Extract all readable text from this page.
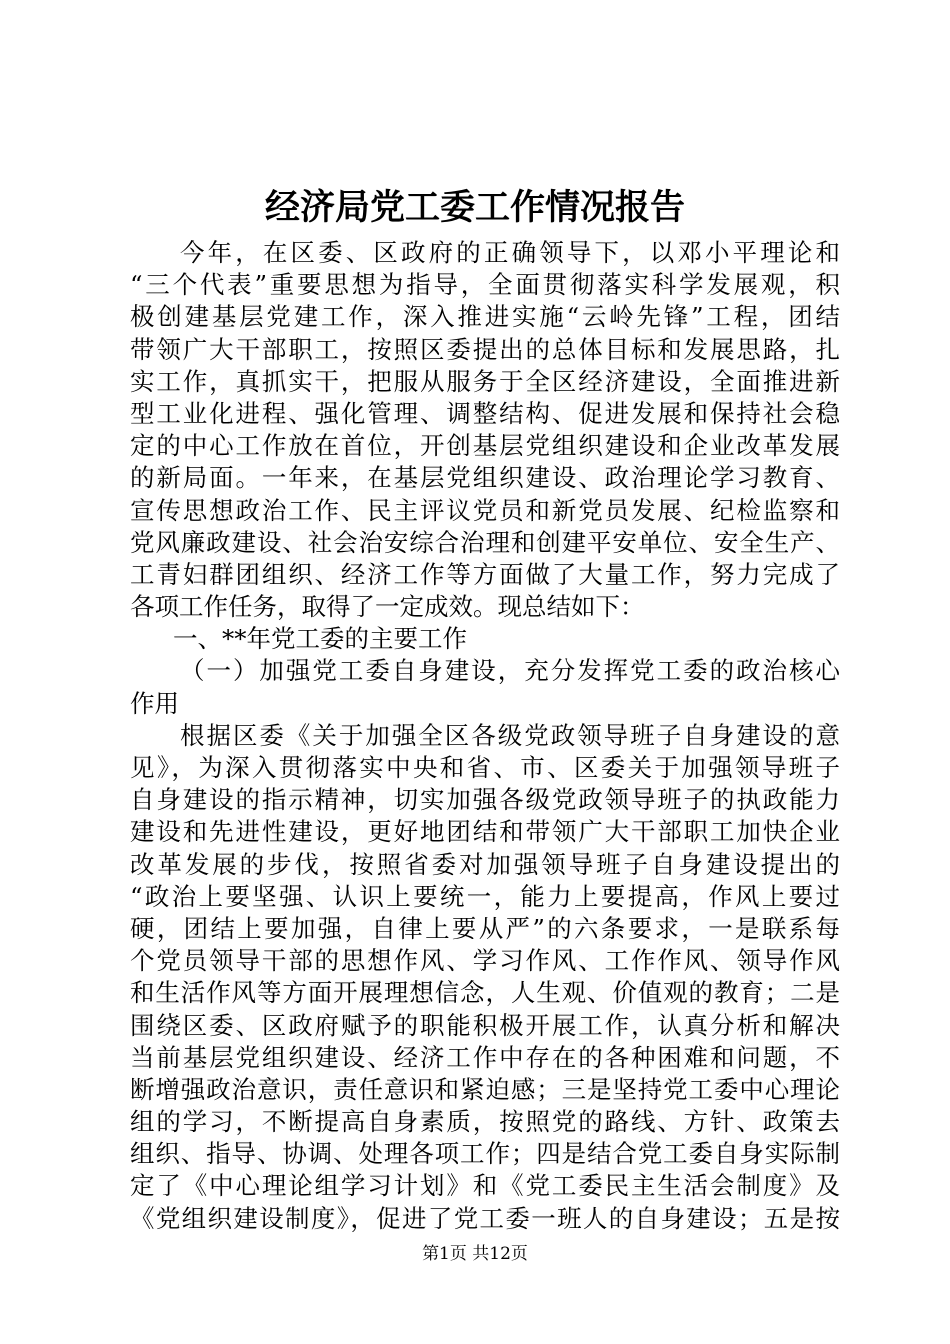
经济局党工委工作情况报告
今年，在区委、区政府的正确领导下，以邓小平理论和
“三个代表”重要思想为指导，全面贯彻落实科学发展观，积
极创建基层党建工作，深入推进实施“云岭先锋”工程，团结
带领广大干部职工，按照区委提出的总体目标和发展思路，扎
实工作，真抓实干，把服从服务于全区经济建设，全面推进新
型工业化进程、强化管理、调整结构、促进发展和保持社会稳
定的中心工作放在首位，开创基层党组织建设和企业改革发展
的新局面。一年来，在基层党组织建设、政治理论学习教育、
宣传思想政治工作、民主评议党员和新党员发展、纪检监察和
党风廉政建设、社会治安综合治理和创建平安单位、安全生产、
工青妇群团组织、经济工作等方面做了大量工作，努力完成了
各项工作任务，取得了一定成效。现总结如下：
一、**年党工委的主要工作
（一）加强党工委自身建设，充分发挥党工委的政治核心
作用
根据区委《关于加强全区各级党政领导班子自身建设的意
见》，为深入贯彻落实中央和省、市、区委关于加强领导班子
自身建设的指示精神，切实加强各级党政领导班子的执政能力
建设和先进性建设，更好地团结和带领广大干部职工加快企业
改革发展的步伐，按照省委对加强领导班子自身建设提出的
“政治上要坚强、认识上要统一，能力上要提高，作风上要过
硬，团结上要加强，自律上要从严”的六条要求，一是联系每
个党员领导干部的思想作风、学习作风、工作作风、领导作风
和生活作风等方面开展理想信念，人生观、价值观的教育；二是
围绕区委、区政府赋予的职能积极开展工作，认真分析和解决
当前基层党组织建设、经济工作中存在的各种困难和问题，不
断增强政治意识，责任意识和紧迫感；三是坚持党工委中心理论
组的学习，不断提高自身素质，按照党的路线、方针、政策去
组织、指导、协调、处理各项工作；四是结合党工委自身实际制
定了《中心理论组学习计划》和《党工委民主生活会制度》及
《党组织建设制度》，促进了党工委一班人的自身建设；五是按
第1页 共12页
